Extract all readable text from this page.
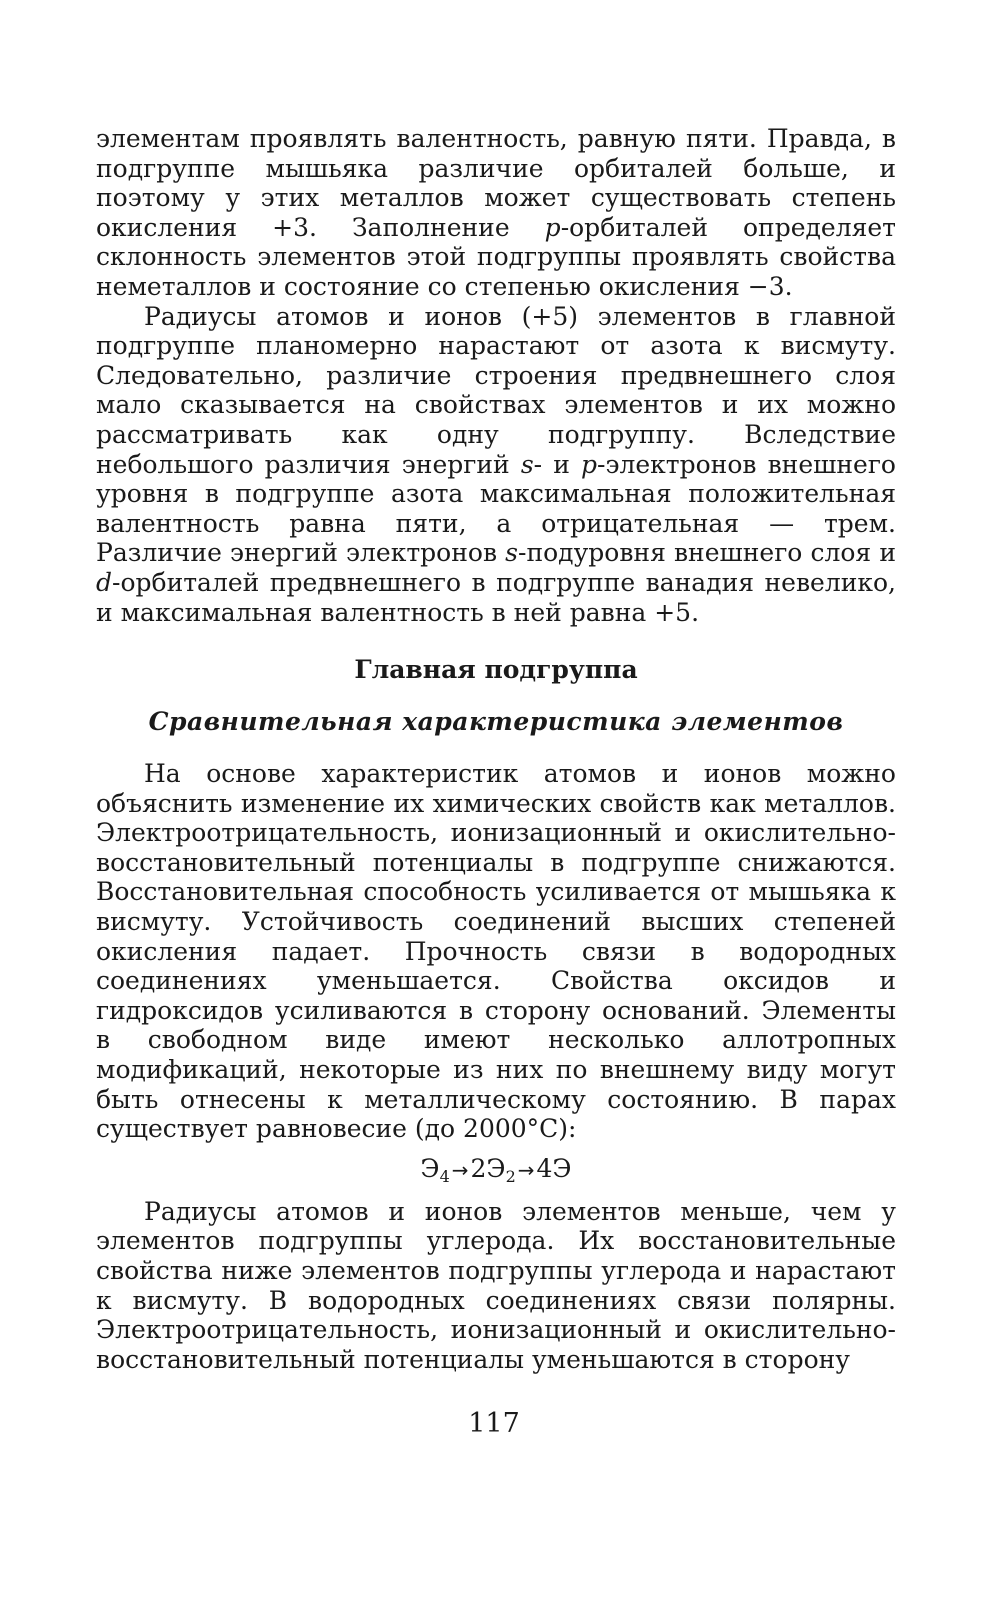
элементам проявлять валентность, равную пяти. Правда, в подгруппе мышьяка различие орбиталей больше, и поэтому у этих металлов может существовать степень окисления +3. Заполнение p-орбиталей определяет склонность элементов этой подгруппы проявлять свойства неметаллов и состояние со степенью окисления −3.

Радиусы атомов и ионов (+5) элементов в главной подгруппе планомерно нарастают от азота к висмуту. Следовательно, различие строения предвнешнего слоя мало сказывается на свойствах элементов и их можно рассматривать как одну подгруппу. Вследствие небольшого различия энергий s- и p-электронов внешнего уровня в подгруппе азота максимальная положительная валентность равна пяти, а отрицательная — трем. Различие энергий электронов s-подуровня внешнего слоя и d-орбиталей предвнешнего в подгруппе ванадия невелико, и максимальная валентность в ней равна +5.

Главная подгруппа
Сравнительная характеристика элементов

На основе характеристик атомов и ионов можно объяснить изменение их химических свойств как металлов. Электроотрицательность, ионизационный и окислительно-восстановительный потенциалы в подгруппе снижаются. Восстановительная способность усиливается от мышьяка к висмуту. Устойчивость соединений высших степеней окисления падает. Прочность связи в водородных соединениях уменьшается. Свойства оксидов и гидроксидов усиливаются в сторону оснований. Элементы в свободном виде имеют несколько аллотропных модификаций, некоторые из них по внешнему виду могут быть отнесены к металлическому состоянию. В парах существует равновесие (до 2000°C):

$Э_4 \to 2Э_2 \to 4Э$

Радиусы атомов и ионов элементов меньше, чем у элементов подгруппы углерода. Их восстановительные свойства ниже элементов подгруппы углерода и нарастают к висмуту. В водородных соединениях связи полярны. Электроотрицательность, ионизационный и окислительно-восстановительный потенциалы уменьшаются в сторону

117
